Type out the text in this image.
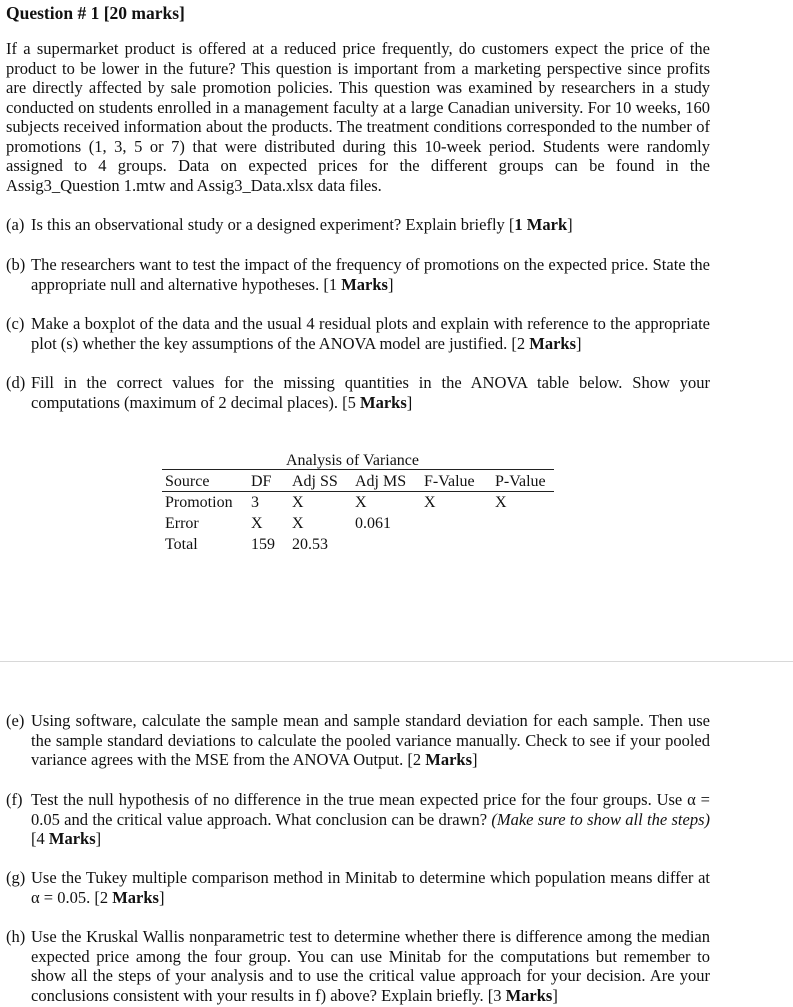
Question # 1 [20 marks]

If a supermarket product is offered at a reduced price frequently, do customers expect the price of the product to be lower in the future? This question is important from a marketing perspective since profits are directly affected by sale promotion policies. This question was examined by researchers in a study conducted on students enrolled in a management faculty at a large Canadian university. For 10 weeks, 160 subjects received information about the products. The treatment conditions corresponded to the number of promotions (1, 3, 5 or 7) that were distributed during this 10-week period. Students were randomly assigned to 4 groups. Data on expected prices for the different groups can be found in the Assig3_Question 1.mtw and Assig3_Data.xlsx data files.

(a) Is this an observational study or a designed experiment? Explain briefly [1 Mark]

(b) The researchers want to test the impact of the frequency of promotions on the expected price. State the appropriate null and alternative hypotheses. [1 Marks]

(c) Make a boxplot of the data and the usual 4 residual plots and explain with reference to the appropriate plot (s) whether the key assumptions of the ANOVA model are justified. [2 Marks]

(d) Fill in the correct values for the missing quantities in the ANOVA table below. Show your computations (maximum of 2 decimal places). [5 Marks]

Analysis of Variance
Source	DF Adj SS Adj MS F-Value P-Value
Promotion 3 X	X	X	X
Error	X X	0.061
Total	159 20.53

(e) Using software, calculate the sample mean and sample standard deviation for each sample. Then use the sample standard deviations to calculate the pooled variance manually. Check to see if your pooled variance agrees with the MSE from the ANOVA Output. [2 Marks]

(f) Test the null hypothesis of no difference in the true mean expected price for the four groups. Use α = 0.05 and the critical value approach. What conclusion can be drawn? (Make sure to show all the steps) [4 Marks]

(g) Use the Tukey multiple comparison method in Minitab to determine which population means differ at α = 0.05. [2 Marks]

(h) Use the Kruskal Wallis nonparametric test to determine whether there is difference among the median expected price among the four group. You can use Minitab for the computations but remember to show all the steps of your analysis and to use the critical value approach for your decision. Are your conclusions consistent with your results in f) above? Explain briefly. [3 Marks]
